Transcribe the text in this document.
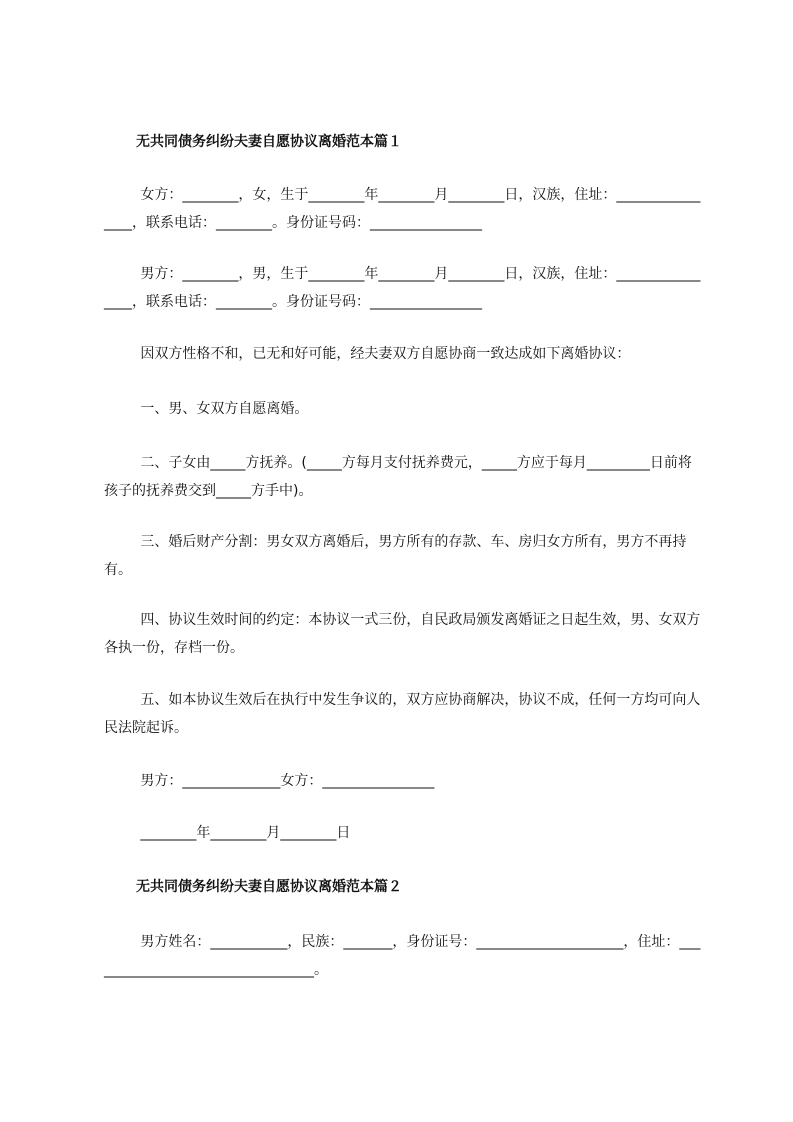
无共同债务纠纷夫妻自愿协议离婚范本篇１

女方：________，女，生于________年________月________日，汉族，住址：________________，联系电话：________。身份证号码：________________

男方：________，男，生于________年________月________日，汉族，住址：________________，联系电话：________。身份证号码：________________

因双方性格不和，已无和好可能，经夫妻双方自愿协商一致达成如下离婚协议：

一、男、女双方自愿离婚。

二、子女由_____方抚养。(_____方每月支付抚养费元，_____方应于每月_________日前将孩子的抚养费交到_____方手中)。

三、婚后财产分割：男女双方离婚后，男方所有的存款、车、房归女方所有，男方不再持有。

四、协议生效时间的约定：本协议一式三份，自民政局颁发离婚证之日起生效，男、女双方各执一份，存档一份。

五、如本协议生效后在执行中发生争议的，双方应协商解决，协议不成，任何一方均可向人民法院起诉。

男方：______________女方：________________

________年________月________日

无共同债务纠纷夫妻自愿协议离婚范本篇２

男方姓名：___________，民族：_______，身份证号：_____________________，住址：_________________________________。
